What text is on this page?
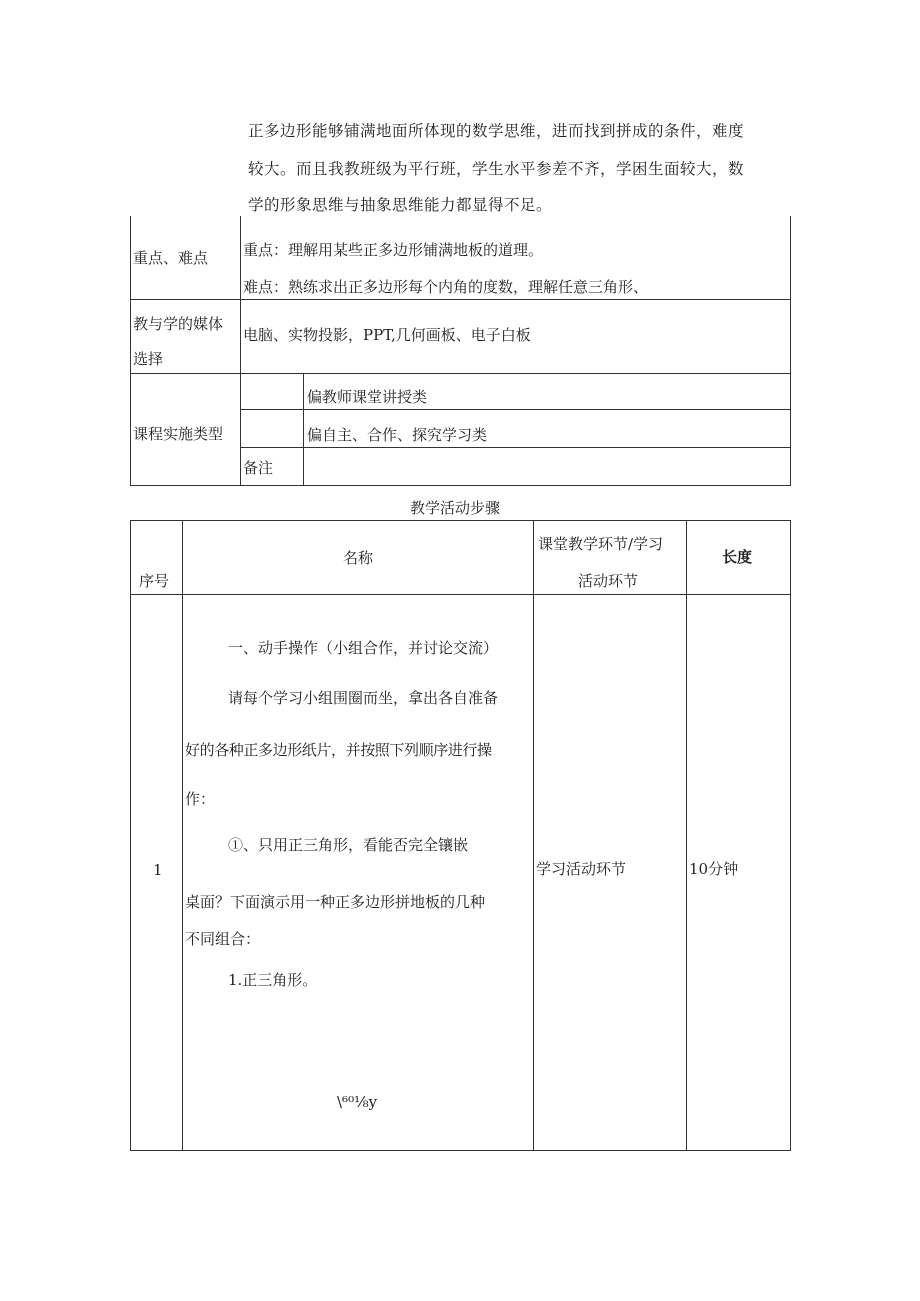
正多边形能够铺满地面所体现的数学思维，进而找到拼成的条件，难度
较大。而且我教班级为平行班，学生水平参差不齐，学困生面较大，数
学的形象思维与抽象思维能力都显得不足。
重点、难点 重点：理解用某些正多边形铺满地板的道理。
难点：熟练求出正多边形每个内角的度数，理解任意三角形、
教与学的媒体
选择
电脑、实物投影，PPT,几何画板、电子白板
课程实施类型
偏教师课堂讲授类
偏自主、合作、探究学习类
备注
教学活动步骤
序号
名称
课堂教学环节/学习
活动环节
长度
1
一、动手操作（小组合作，并讨论交流）
请每个学习小组围圈而坐，拿出各自准备
好的各种正多边形纸片，并按照下列顺序进行操
作：
①、只用正三角形，看能否完全镶嵌
桌面？下面演示用一种正多边形拼地板的几种
不同组合：
1.正三角形。
\⁶⁰⅛y
学习活动环节	10分钟
